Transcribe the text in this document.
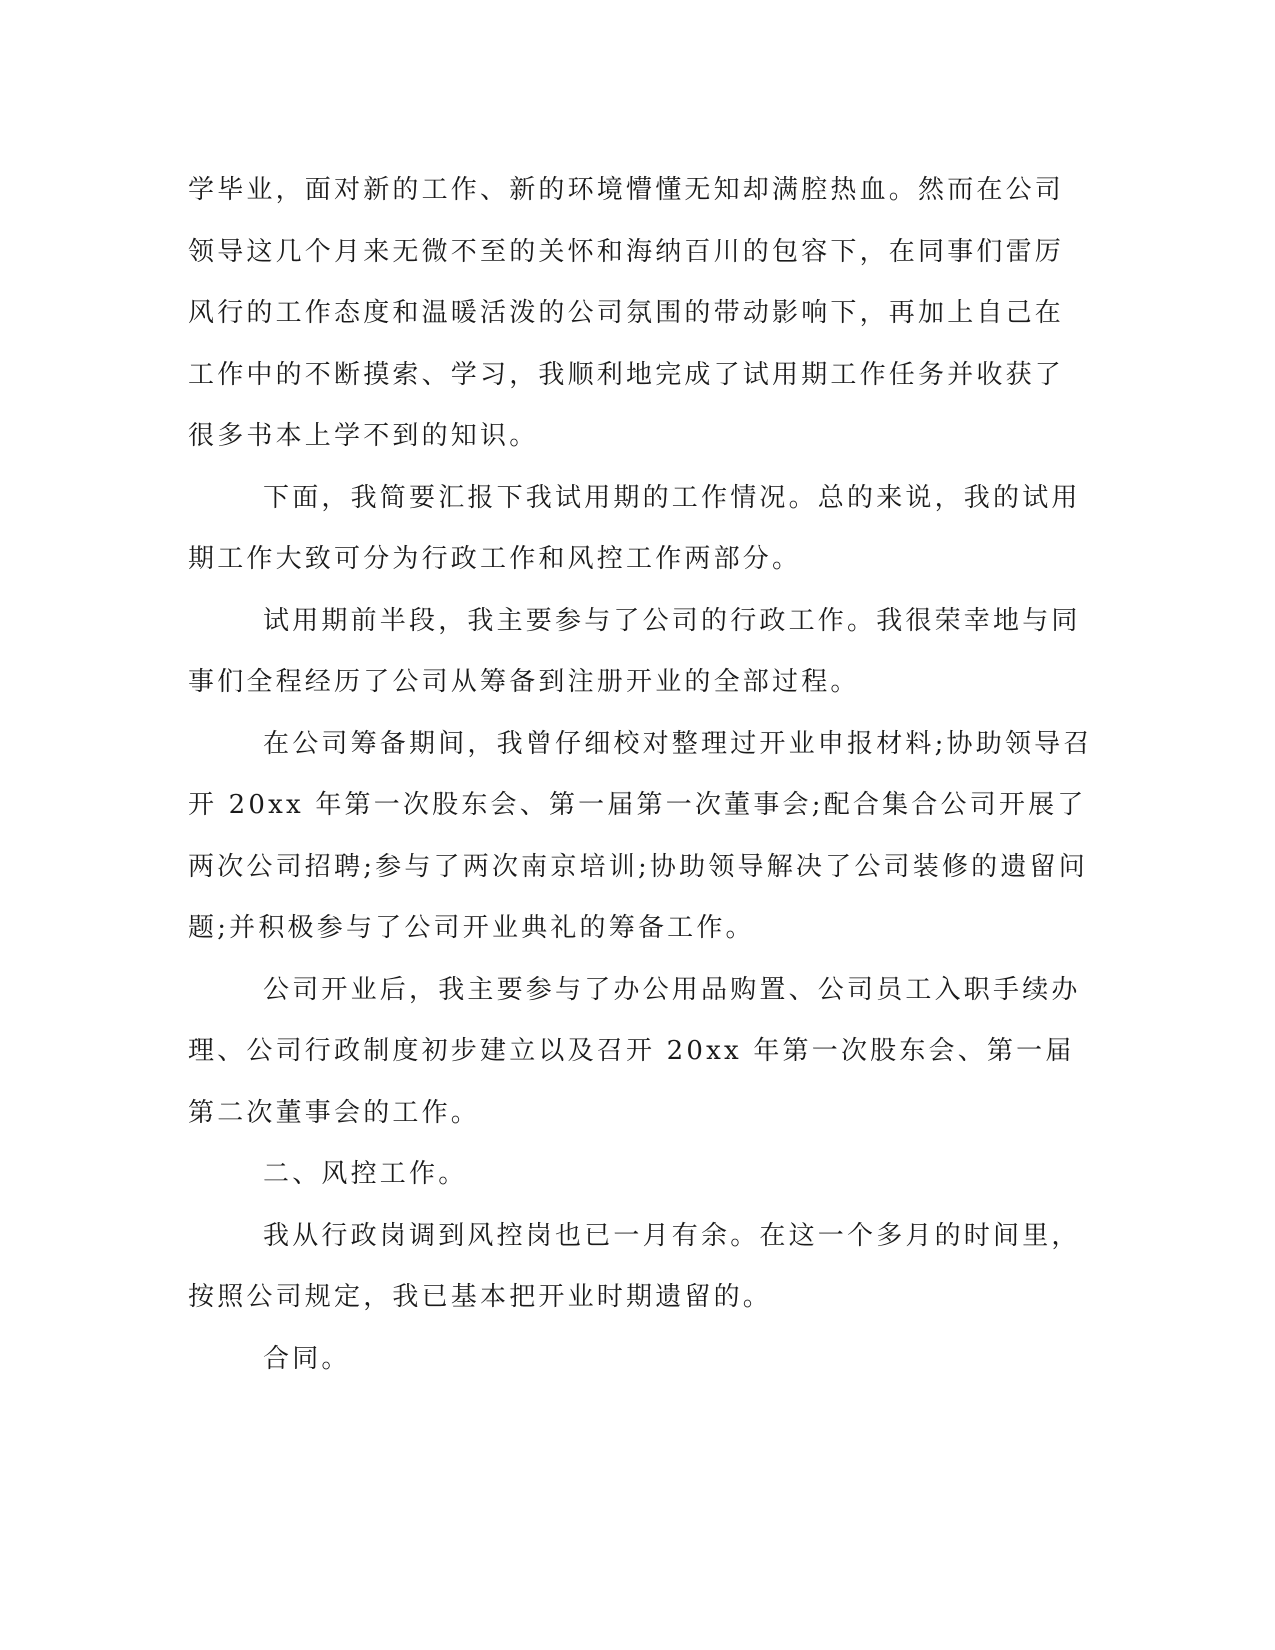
学毕业，面对新的工作、新的环境懵懂无知却满腔热血。然而在公司领导这几个月来无微不至的关怀和海纳百川的包容下，在同事们雷厉风行的工作态度和温暖活泼的公司氛围的带动影响下，再加上自己在工作中的不断摸索、学习，我顺利地完成了试用期工作任务并收获了很多书本上学不到的知识。

下面，我简要汇报下我试用期的工作情况。总的来说，我的试用期工作大致可分为行政工作和风控工作两部分。

试用期前半段，我主要参与了公司的行政工作。我很荣幸地与同事们全程经历了公司从筹备到注册开业的全部过程。

在公司筹备期间，我曾仔细校对整理过开业申报材料;协助领导召开 20xx 年第一次股东会、第一届第一次董事会;配合集合公司开展了两次公司招聘;参与了两次南京培训;协助领导解决了公司装修的遗留问题;并积极参与了公司开业典礼的筹备工作。

公司开业后，我主要参与了办公用品购置、公司员工入职手续办理、公司行政制度初步建立以及召开 20xx 年第一次股东会、第一届第二次董事会的工作。

二、风控工作。

我从行政岗调到风控岗也已一月有余。在这一个多月的时间里，按照公司规定，我已基本把开业时期遗留的。

合同。
